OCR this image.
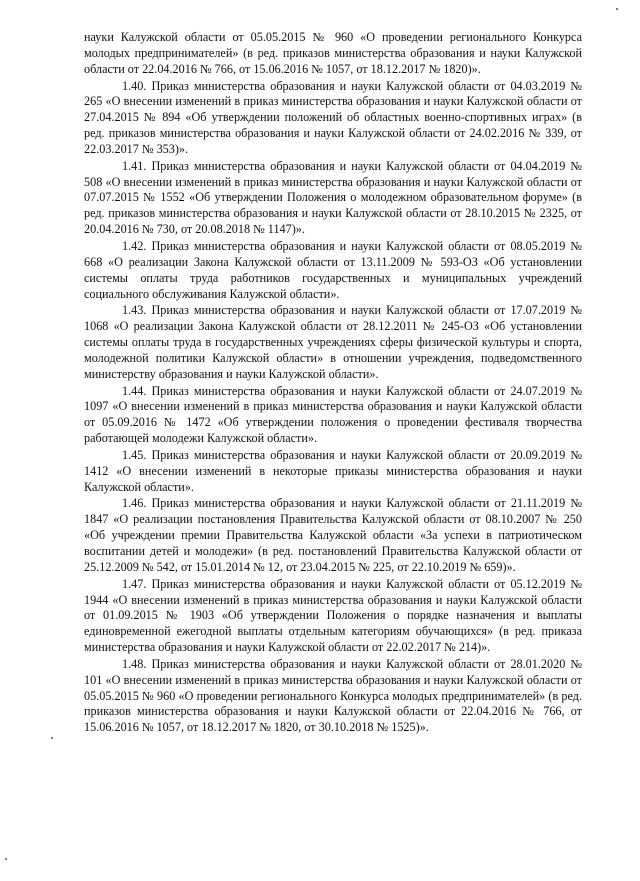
науки Калужской области от 05.05.2015 № 960 «О проведении регионального Конкурса молодых предпринимателей» (в ред. приказов министерства образования и науки Калужской области от 22.04.2016 № 766, от 15.06.2016 № 1057, от 18.12.2017 № 1820)».

1.40. Приказ министерства образования и науки Калужской области от 04.03.2019 № 265 «О внесении изменений в приказ министерства образования и науки Калужской области от 27.04.2015 № 894 «Об утверждении положений об областных военно-спортивных играх» (в ред. приказов министерства образования и науки Калужской области от 24.02.2016 № 339, от 22.03.2017 № 353)».

1.41. Приказ министерства образования и науки Калужской области от 04.04.2019 № 508 «О внесении изменений в приказ министерства образования и науки Калужской области от 07.07.2015 № 1552 «Об утверждении Положения о молодежном образовательном форуме» (в ред. приказов министерства образования и науки Калужской области от 28.10.2015 № 2325, от 20.04.2016 № 730, от 20.08.2018 № 1147)».

1.42. Приказ министерства образования и науки Калужской области от 08.05.2019 № 668 «О реализации Закона Калужской области от 13.11.2009 № 593-ОЗ «Об установлении системы оплаты труда работников государственных и муниципальных учреждений социального обслуживания Калужской области».

1.43. Приказ министерства образования и науки Калужской области от 17.07.2019 № 1068 «О реализации Закона Калужской области от 28.12.2011 № 245-ОЗ «Об установлении системы оплаты труда в государственных учреждениях сферы физической культуры и спорта, молодежной политики Калужской области» в отношении учреждения, подведомственного министерству образования и науки Калужской области».

1.44. Приказ министерства образования и науки Калужской области от 24.07.2019 № 1097 «О внесении изменений в приказ министерства образования и науки Калужской области от 05.09.2016 № 1472 «Об утверждении положения о проведении фестиваля творчества работающей молодежи Калужской области».

1.45. Приказ министерства образования и науки Калужской области от 20.09.2019 № 1412 «О внесении изменений в некоторые приказы министерства образования и науки Калужской области».

1.46. Приказ министерства образования и науки Калужской области от 21.11.2019 № 1847 «О реализации постановления Правительства Калужской области от 08.10.2007 № 250 «Об учреждении премии Правительства Калужской области «За успехи в патриотическом воспитании детей и молодежи» (в ред. постановлений Правительства Калужской области от 25.12.2009 № 542, от 15.01.2014 № 12, от 23.04.2015 № 225, от 22.10.2019 № 659)».

1.47. Приказ министерства образования и науки Калужской области от 05.12.2019 № 1944 «О внесении изменений в приказ министерства образования и науки Калужской области от 01.09.2015 № 1903 «Об утверждении Положения о порядке назначения и выплаты единовременной ежегодной выплаты отдельным категориям обучающихся» (в ред. приказа министерства образования и науки Калужской области от 22.02.2017 № 214)».

1.48. Приказ министерства образования и науки Калужской области от 28.01.2020 № 101 «О внесении изменений в приказ министерства образования и науки Калужской области от 05.05.2015 № 960 «О проведении регионального Конкурса молодых предпринимателей» (в ред. приказов министерства образования и науки Калужской области от 22.04.2016 № 766, от 15.06.2016 № 1057, от 18.12.2017 № 1820, от 30.10.2018 № 1525)».
